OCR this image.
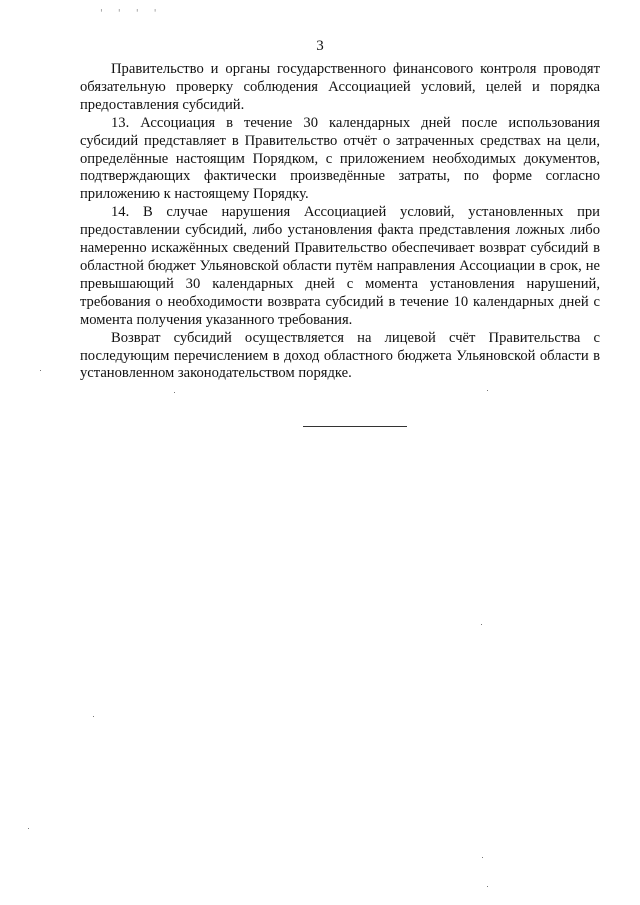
' ' ' '
3

Правительство и органы государственного финансового контроля проводят обязательную проверку соблюдения Ассоциацией условий, целей и порядка предоставления субсидий.

13. Ассоциация в течение 30 календарных дней после использования субсидий представляет в Правительство отчёт о затраченных средствах на цели, определённые настоящим Порядком, с приложением необходимых документов, подтверждающих фактически произведённые затраты, по форме согласно приложению к настоящему Порядку.

14. В случае нарушения Ассоциацией условий, установленных при предоставлении субсидий, либо установления факта представления ложных либо намеренно искажённых сведений Правительство обеспечивает возврат субсидий в областной бюджет Ульяновской области путём направления Ассоциации в срок, не превышающий 30 календарных дней с момента установления нарушений, требования о необходимости возврата субсидий в течение 10 календарных дней с момента получения указанного требования.

Возврат субсидий осуществляется на лицевой счёт Правительства с последующим перечислением в доход областного бюджета Ульяновской области в установленном законодательством порядке.
